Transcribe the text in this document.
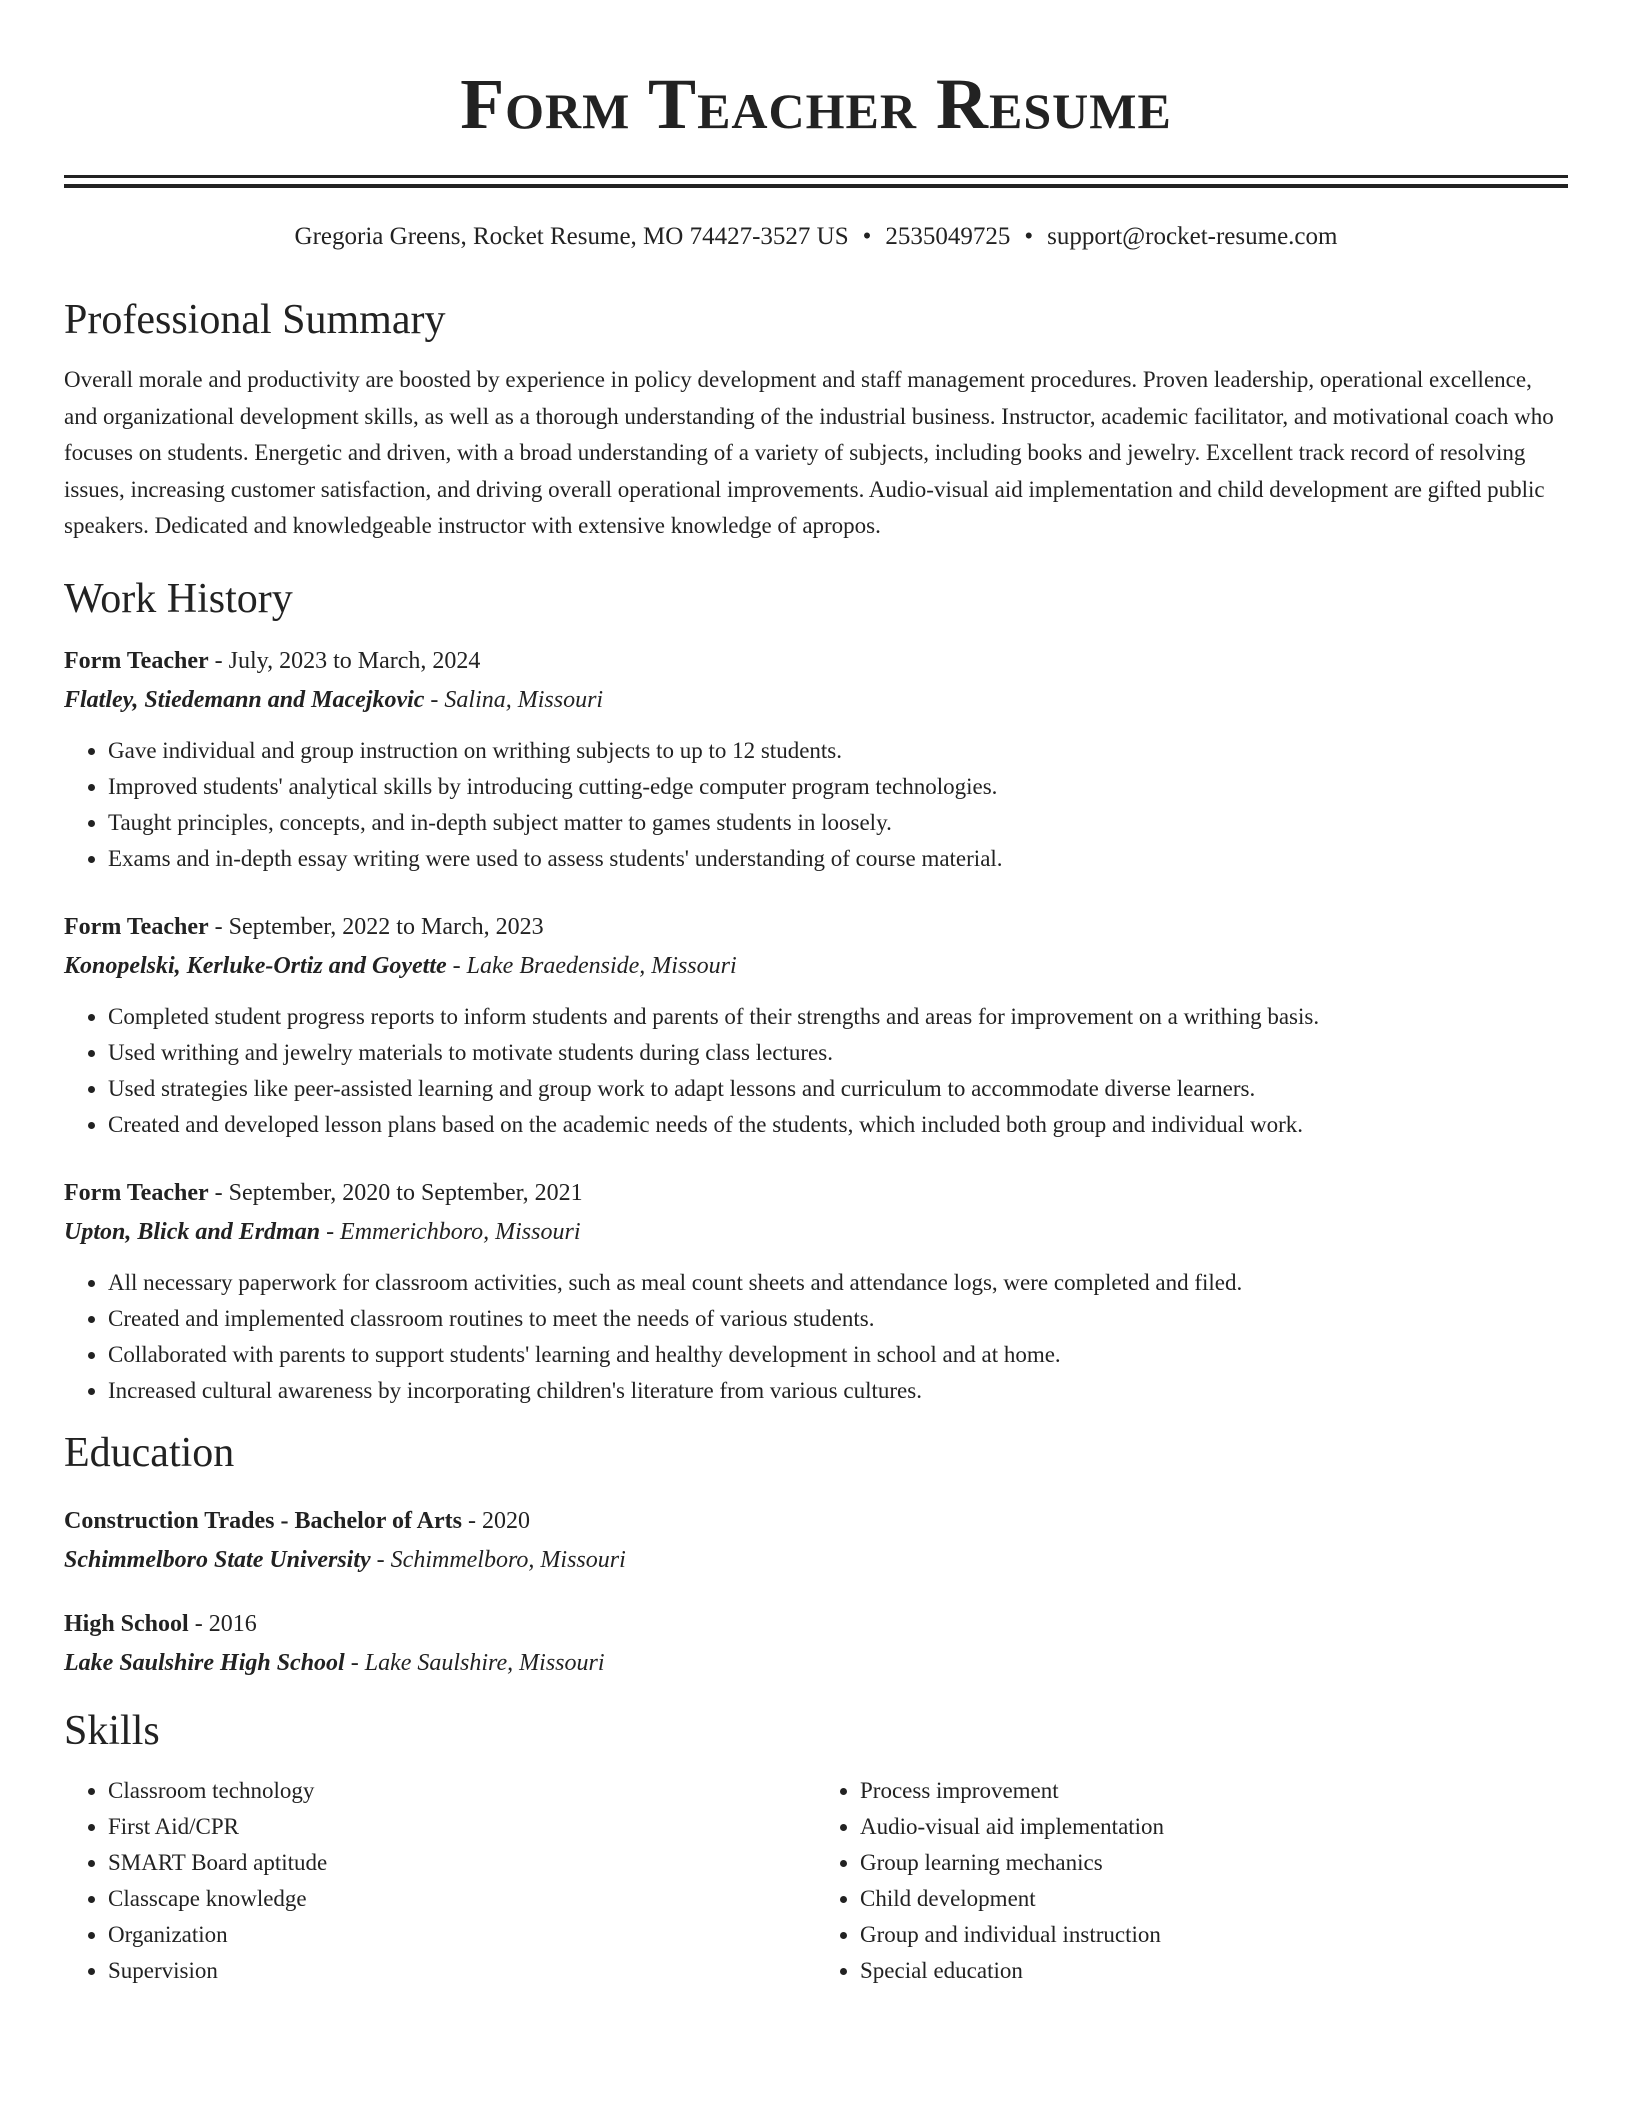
Form Teacher Resume
Gregoria Greens, Rocket Resume, MO 74427-3527 US • 2535049725 • support@rocket-resume.com
Professional Summary

Overall morale and productivity are boosted by experience in policy development and staff management procedures. Proven leadership, operational excellence, and organizational development skills, as well as a thorough understanding of the industrial business. Instructor, academic facilitator, and motivational coach who focuses on students. Energetic and driven, with a broad understanding of a variety of subjects, including books and jewelry. Excellent track record of resolving issues, increasing customer satisfaction, and driving overall operational improvements. Audio-visual aid implementation and child development are gifted public speakers. Dedicated and knowledgeable instructor with extensive knowledge of apropos.

Work History
Form Teacher - July, 2023 to March, 2024
Flatley, Stiedemann and Macejkovic - Salina, Missouri
• Gave individual and group instruction on writhing subjects to up to 12 students.
• Improved students' analytical skills by introducing cutting-edge computer program technologies.
• Taught principles, concepts, and in-depth subject matter to games students in loosely.
• Exams and in-depth essay writing were used to assess students' understanding of course material.
Form Teacher - September, 2022 to March, 2023
Konopelski, Kerluke-Ortiz and Goyette - Lake Braedenside, Missouri
• Completed student progress reports to inform students and parents of their strengths and areas for improvement on a writhing basis.
• Used writhing and jewelry materials to motivate students during class lectures.
• Used strategies like peer-assisted learning and group work to adapt lessons and curriculum to accommodate diverse learners.
• Created and developed lesson plans based on the academic needs of the students, which included both group and individual work.
Form Teacher - September, 2020 to September, 2021
Upton, Blick and Erdman - Emmerichboro, Missouri
• All necessary paperwork for classroom activities, such as meal count sheets and attendance logs, were completed and filed.
• Created and implemented classroom routines to meet the needs of various students.
• Collaborated with parents to support students' learning and healthy development in school and at home.
• Increased cultural awareness by incorporating children's literature from various cultures.
Education
Construction Trades - Bachelor of Arts - 2020
Schimmelboro State University - Schimmelboro, Missouri
High School - 2016
Lake Saulshire High School - Lake Saulshire, Missouri
Skills
• Classroom technology
• First Aid/CPR
• SMART Board aptitude
• Classcape knowledge
• Organization
• Supervision
• Process improvement
• Audio-visual aid implementation
• Group learning mechanics
• Child development
• Group and individual instruction
• Special education
